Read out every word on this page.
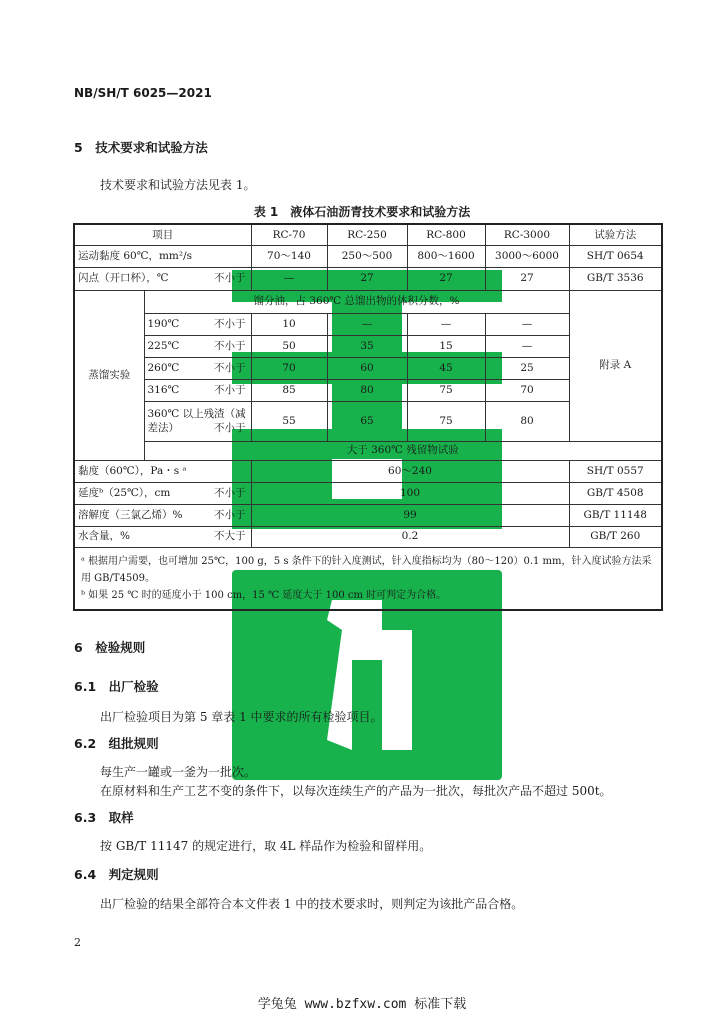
NB/SH/T 6025—2021
5　技术要求和试验方法
技术要求和试验方法见表 1。
表 1　液体石油沥青技术要求和试验方法
项目		RC-70	RC-250	RC-800	RC-3000	试验方法
运动黏度 60℃，mm²/s		70～140	250～500	800～1600	3000～6000	SH/T 0654
闪点（开口杯），℃ 不小于		—	27	27	27	GB/T 3536
蒸馏实验	馏分油，占 360℃ 总馏出物的体积分数，%					附录 A
	190℃ 不小于	10	—	—	—	
	225℃ 不小于	50	35	15	—	
	260℃ 不小于	70	60	45	25	
	316℃ 不小于	85	80	75	70	
	360℃ 以上残渣（减差法） 不小于	55	65	75	80	
	大于 360℃ 残留物试验					
黏度（60℃），Pa・s ᵃ		60～240				SH/T 0557
延度ᵇ（25℃），cm 不小于		100				GB/T 4508
溶解度（三氯乙烯）% 不小于		99				GB/T 11148
水含量，% 不大于		0.2				GB/T 260

ᵃ 根据用户需要，也可增加 25℃，100 g，5 s 条件下的针入度测试，针入度指标均为（80～120）0.1 mm，针入度试验方法采用 GB/T4509。
ᵇ 如果 25 ℃ 时的延度小于 100 cm，15 ℃ 延度大于 100 cm 时可判定为合格。						
6　检验规则
6.1　出厂检验
出厂检验项目为第 5 章表 1 中要求的所有检验项目。
6.2　组批规则
每生产一罐或一釜为一批次。
在原材料和生产工艺不变的条件下，以每次连续生产的产品为一批次，每批次产品不超过 500t。
6.3　取样
按 GB/T 11147 的规定进行，取 4L 样品作为检验和留样用。
6.4　判定规则
出厂检验的结果全部符合本文件表 1 中的技术要求时，则判定为该批产品合格。
2
学兔兔 www.bzfxw.com 标准下载
